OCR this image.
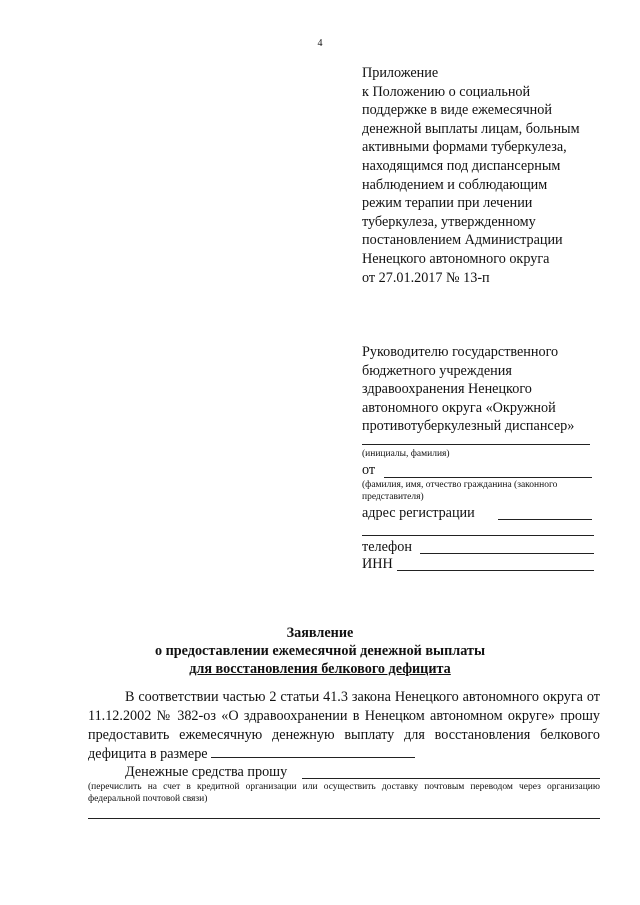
4
Приложение
к Положению о социальной
поддержке в виде ежемесячной
денежной выплаты лицам, больным
активными формами туберкулеза,
находящимся под диспансерным
наблюдением и соблюдающим
режим терапии при лечении
туберкулеза, утвержденному
постановлением Администрации
Ненецкого автономного округа
от 27.01.2017 № 13-п
Руководителю государственного
бюджетного учреждения
здравоохранения Ненецкого
автономного округа «Окружной
противотуберкулезный диспансер»
(инициалы, фамилия)
от
(фамилия, имя, отчество гражданина (законного
представителя)
адрес регистрации
телефон
ИНН
Заявление
о предоставлении ежемесячной денежной выплаты
для восстановления белкового дефицита
В соответствии частью 2 статьи 41.3 закона Ненецкого автономного округа от 11.12.2002 № 382-оз «О здравоохранении в Ненецком автономном округе» прошу предоставить ежемесячную денежную выплату для восстановления белкового дефицита в размере
Денежные средства прошу
(перечислить на счет в кредитной организации или осуществить доставку почтовым переводом через организацию федеральной почтовой связи)
